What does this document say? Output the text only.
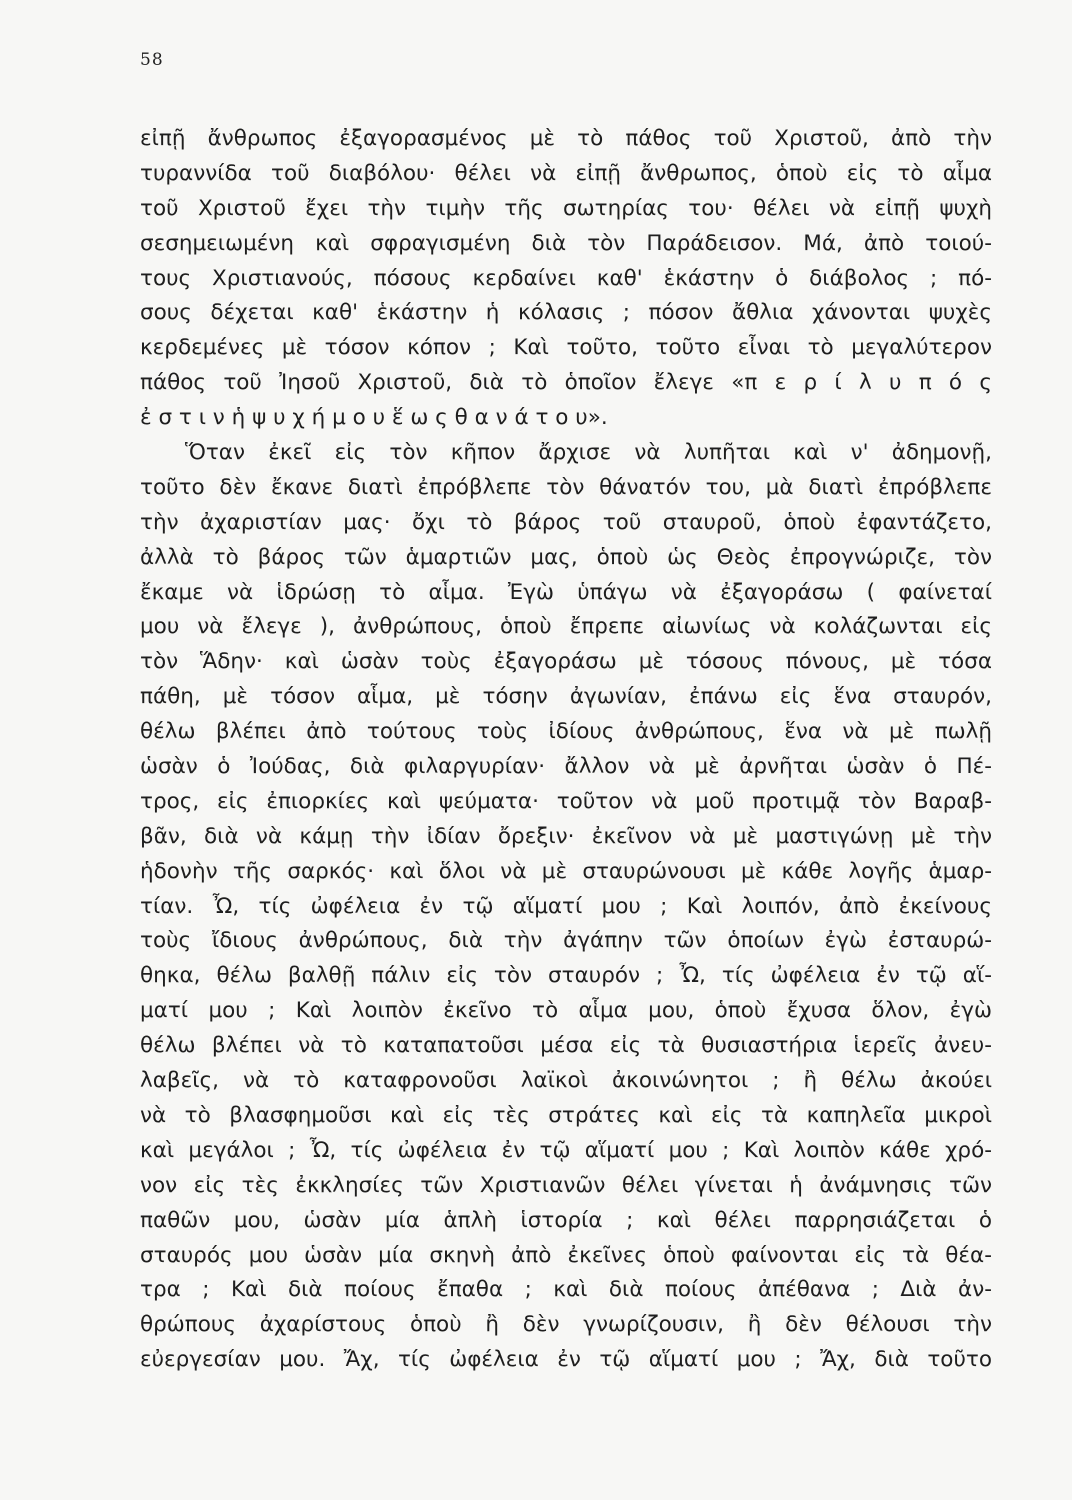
58
εἰπῇ ἄνθρωπος ἐξαγορασμένος μὲ τὸ πάθος τοῦ Χριστοῦ, ἀπὸ τὴν
τυραννίδα τοῦ διαβόλου· θέλει νὰ εἰπῇ ἄνθρωπος, ὁποὺ εἰς τὸ αἷμα
τοῦ Χριστοῦ ἔχει τὴν τιμὴν τῆς σωτηρίας του· θέλει νὰ εἰπῇ ψυχὴ
σεσημειωμένη καὶ σφραγισμένη διὰ τὸν Παράδεισον. Μά, ἀπὸ τοιού-
τους Χριστιανούς, πόσους κερδαίνει καθ' ἑκάστην ὁ διάβολος ; πό-
σους δέχεται καθ' ἑκάστην ἡ κόλασις ; πόσον ἄθλια χάνονται ψυχὲς
κερδεμένες μὲ τόσον κόπον ; Καὶ τοῦτο, τοῦτο εἶναι τὸ μεγαλύτερον
πάθος τοῦ Ἰησοῦ Χριστοῦ, διὰ τὸ ὁποῖον ἔλεγε «π ε ρ ί λ υ π ό ς
ἐ σ τ ι ν ἡ ψ υ χ ή μ ο υ ἕ ω ς θ α ν ά τ ο υ».
Ὅταν ἐκεῖ εἰς τὸν κῆπον ἄρχισε νὰ λυπῆται καὶ ν' ἀδημονῇ,
τοῦτο δὲν ἔκανε διατὶ ἐπρόβλεπε τὸν θάνατόν του, μὰ διατὶ ἐπρόβλεπε
τὴν ἀχαριστίαν μας· ὄχι τὸ βάρος τοῦ σταυροῦ, ὁποὺ ἐφαντάζετο,
ἀλλὰ τὸ βάρος τῶν ἁμαρτιῶν μας, ὁποὺ ὡς Θεὸς ἐπρογνώριζε, τὸν
ἔκαμε νὰ ἱδρώσῃ τὸ αἷμα. Ἐγὼ ὑπάγω νὰ ἐξαγοράσω ( φαίνεταί
μου νὰ ἔλεγε ), ἀνθρώπους, ὁποὺ ἔπρεπε αἰωνίως νὰ κολάζωνται εἰς
τὸν Ἅδην· καὶ ὡσὰν τοὺς ἐξαγοράσω μὲ τόσους πόνους, μὲ τόσα
πάθη, μὲ τόσον αἷμα, μὲ τόσην ἀγωνίαν, ἐπάνω εἰς ἕνα σταυρόν,
θέλω βλέπει ἀπὸ τούτους τοὺς ἰδίους ἀνθρώπους, ἕνα νὰ μὲ πωλῇ
ὡσὰν ὁ Ἰούδας, διὰ φιλαργυρίαν· ἄλλον νὰ μὲ ἀρνῆται ὡσὰν ὁ Πέ-
τρος, εἰς ἐπιορκίες καὶ ψεύματα· τοῦτον νὰ μοῦ προτιμᾷ τὸν Βαραβ-
βᾶν, διὰ νὰ κάμῃ τὴν ἰδίαν ὄρεξιν· ἐκεῖνον νὰ μὲ μαστιγώνῃ μὲ τὴν
ἡδονὴν τῆς σαρκός· καὶ ὅλοι νὰ μὲ σταυρώνουσι μὲ κάθε λογῆς ἁμαρ-
τίαν. Ὦ, τίς ὠφέλεια ἐν τῷ αἵματί μου ; Καὶ λοιπόν, ἀπὸ ἐκείνους
τοὺς ἴδιους ἀνθρώπους, διὰ τὴν ἀγάπην τῶν ὁποίων ἐγὼ ἐσταυρώ-
θηκα, θέλω βαλθῇ πάλιν εἰς τὸν σταυρόν ; Ὦ, τίς ὠφέλεια ἐν τῷ αἵ-
ματί μου ; Καὶ λοιπὸν ἐκεῖνο τὸ αἷμα μου, ὁποὺ ἔχυσα ὅλον, ἐγὼ
θέλω βλέπει νὰ τὸ καταπατοῦσι μέσα εἰς τὰ θυσιαστήρια ἱερεῖς ἀνευ-
λαβεῖς, νὰ τὸ καταφρονοῦσι λαϊκοὶ ἀκοινώνητοι ; ἢ θέλω ἀκούει
νὰ τὸ βλασφημοῦσι καὶ εἰς τὲς στράτες καὶ εἰς τὰ καπηλεῖα μικροὶ
καὶ μεγάλοι ; Ὦ, τίς ὠφέλεια ἐν τῷ αἵματί μου ; Καὶ λοιπὸν κάθε χρό-
νον εἰς τὲς ἐκκλησίες τῶν Χριστιανῶν θέλει γίνεται ἡ ἀνάμνησις τῶν
παθῶν μου, ὡσὰν μία ἁπλὴ ἱστορία ; καὶ θέλει παρρησιάζεται ὁ
σταυρός μου ὡσὰν μία σκηνὴ ἀπὸ ἐκεῖνες ὁποὺ φαίνονται εἰς τὰ θέα-
τρα ; Καὶ διὰ ποίους ἔπαθα ; καὶ διὰ ποίους ἀπέθανα ; Διὰ ἀν-
θρώπους ἀχαρίστους ὁποὺ ἢ δὲν γνωρίζουσιν, ἢ δὲν θέλουσι τὴν
εὐεργεσίαν μου. Ἄχ, τίς ὠφέλεια ἐν τῷ αἵματί μου ; Ἄχ, διὰ τοῦτο
